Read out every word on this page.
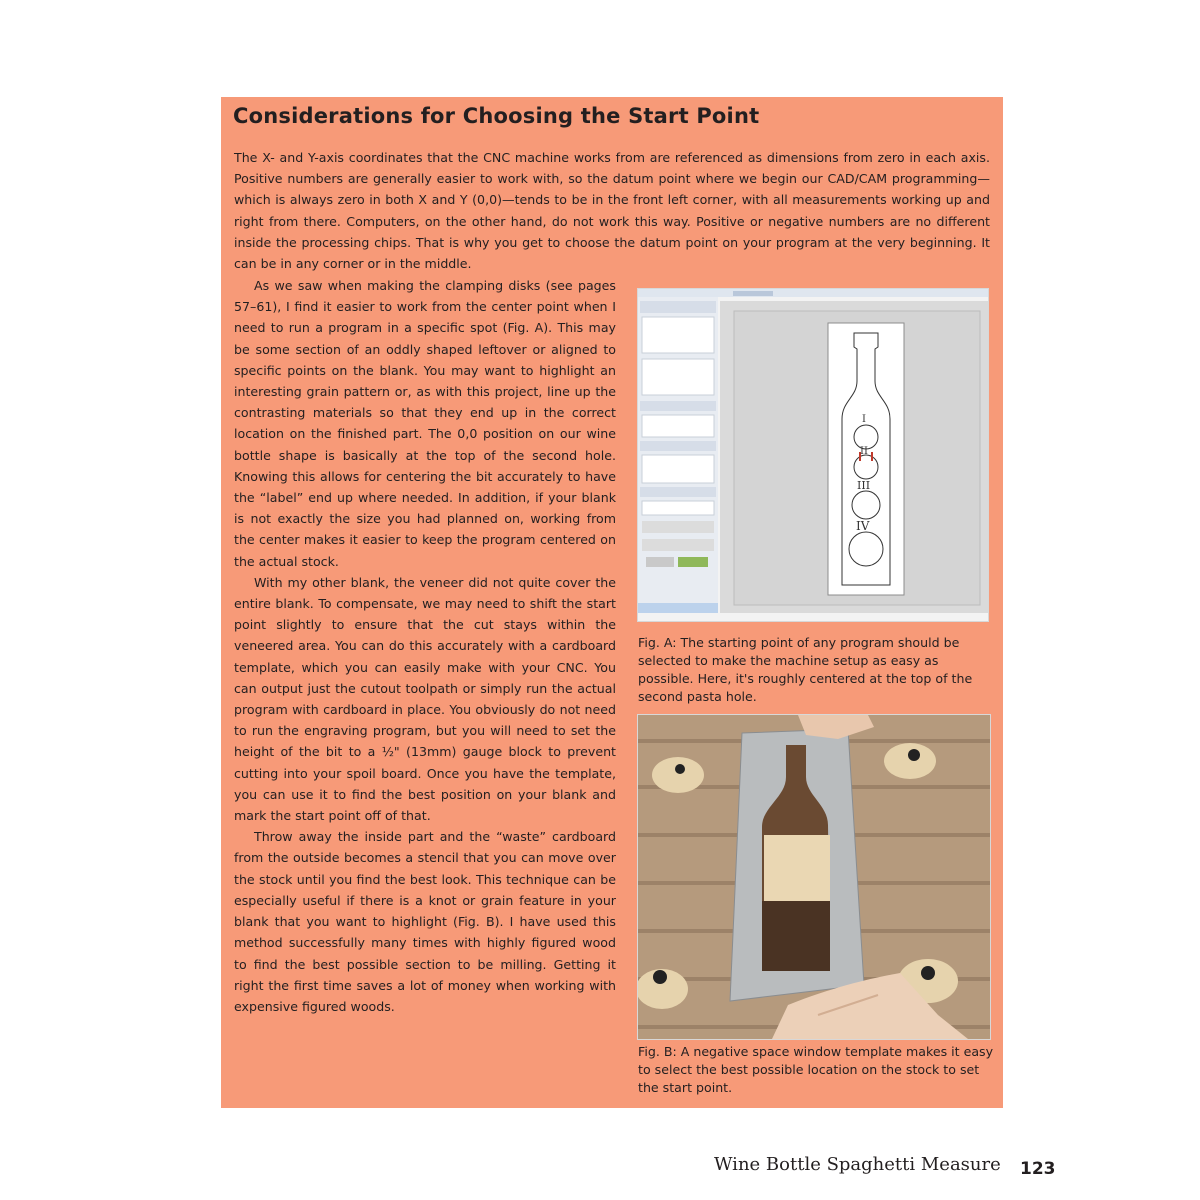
Considerations for Choosing the Start Point

The X- and Y-axis coordinates that the CNC machine works from are referenced as dimensions from zero in each axis. Positive numbers are generally easier to work with, so the datum point where we begin our CAD/CAM programming—which is always zero in both X and Y (0,0)—tends to be in the front left corner, with all measurements working up and right from there. Computers, on the other hand, do not work this way. Positive or negative numbers are no different inside the processing chips. That is why you get to choose the datum point on your program at the very beginning. It can be in any corner or in the middle.

As we saw when making the clamping disks (see pages 57–61), I find it easier to work from the center point when I need to run a program in a specific spot (Fig. A). This may be some section of an oddly shaped leftover or aligned to specific points on the blank. You may want to highlight an interesting grain pattern or, as with this project, line up the contrasting materials so that they end up in the correct location on the finished part. The 0,0 position on our wine bottle shape is basically at the top of the second hole. Knowing this allows for centering the bit accurately to have the “label” end up where needed. In addition, if your blank is not exactly the size you had planned on, working from the center makes it easier to keep the program centered on the actual stock.

With my other blank, the veneer did not quite cover the entire blank. To compensate, we may need to shift the start point slightly to ensure that the cut stays within the veneered area. You can do this accurately with a cardboard template, which you can easily make with your CNC. You can output just the cutout toolpath or simply run the actual program with cardboard in place. You obviously do not need to run the engraving program, but you will need to set the height of the bit to a ½" (13mm) gauge block to prevent cutting into your spoil board. Once you have the template, you can use it to find the best position on your blank and mark the start point off of that.

Throw away the inside part and the “waste” cardboard from the outside becomes a stencil that you can move over the stock until you find the best look. This technique can be especially useful if there is a knot or grain feature in your blank that you want to highlight (Fig. B). I have used this method successfully many times with highly figured wood to find the best possible section to be milling. Getting it right the first time saves a lot of money when working with expensive figured woods.

I
II
III
IV

Fig. A: The starting point of any program should be selected to make the machine setup as easy as possible. Here, it's roughly centered at the top of the second pasta hole.

Fig. B: A negative space window template makes it easy to select the best possible location on the stock to set the start point.

Wine Bottle Spaghetti Measure 123
